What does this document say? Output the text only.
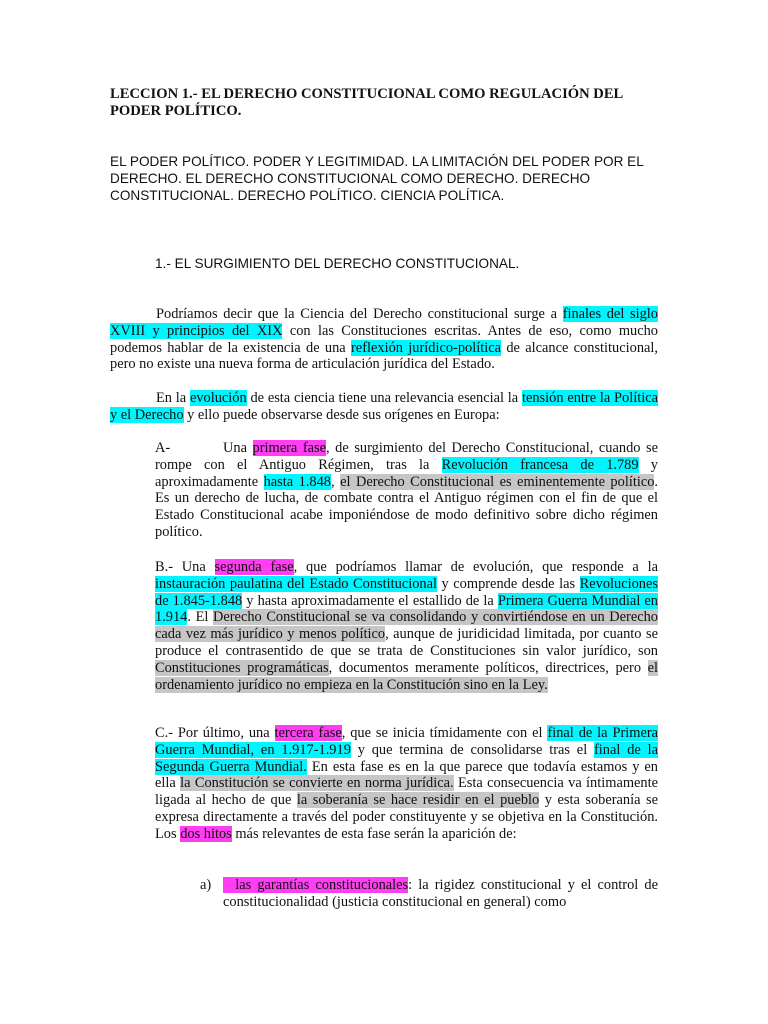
LECCION 1.- EL DERECHO CONSTITUCIONAL COMO REGULACIÓN DEL PODER POLÍTICO.
EL PODER POLÍTICO. PODER Y LEGITIMIDAD. LA LIMITACIÓN DEL PODER POR EL DERECHO. EL DERECHO CONSTITUCIONAL COMO DERECHO. DERECHO CONSTITUCIONAL. DERECHO POLÍTICO. CIENCIA POLÍTICA.
1.- EL SURGIMIENTO DEL DERECHO CONSTITUCIONAL.
Podríamos decir que la Ciencia del Derecho constitucional surge a finales del siglo XVIII y principios del XIX con las Constituciones escritas. Antes de eso, como mucho podemos hablar de la existencia de una reflexión jurídico-política de alcance constitucional, pero no existe una nueva forma de articulación jurídica del Estado.
En la evolución de esta ciencia tiene una relevancia esencial la tensión entre la Política y el Derecho y ello puede observarse desde sus orígenes en Europa:
A-	Una primera fase, de surgimiento del Derecho Constitucional, cuando se rompe con el Antiguo Régimen, tras la Revolución francesa de 1.789 y aproximadamente hasta 1.848, el Derecho Constitucional es eminentemente político. Es un derecho de lucha, de combate contra el Antiguo régimen con el fin de que el Estado Constitucional acabe imponiéndose de modo definitivo sobre dicho régimen político.
B.- Una segunda fase, que podríamos llamar de evolución, que responde a la instauración paulatina del Estado Constitucional y comprende desde las Revoluciones de 1.845-1.848 y hasta aproximadamente el estallido de la Primera Guerra Mundial en 1.914. El Derecho Constitucional se va consolidando y convirtiéndose en un Derecho cada vez más jurídico y menos político, aunque de juridicidad limitada, por cuanto se produce el contrasentido de que se trata de Constituciones sin valor jurídico, son Constituciones programáticas, documentos meramente políticos, directrices, pero el ordenamiento jurídico no empieza en la Constitución sino en la Ley.
C.- Por último, una tercera fase, que se inicia tímidamente con el final de la Primera Guerra Mundial, en 1.917-1.919 y que termina de consolidarse tras el final de la Segunda Guerra Mundial. En esta fase es en la que parece que todavía estamos y en ella la Constitución se convierte en norma jurídica. Esta consecuencia va íntimamente ligada al hecho de que la soberanía se hace residir en el pueblo y esta soberanía se expresa directamente a través del poder constituyente y se objetiva en la Constitución. Los dos hitos más relevantes de esta fase serán la aparición de:
a) las garantías constitucionales: la rigidez constitucional y el control de constitucionalidad (justicia constitucional en general) como
